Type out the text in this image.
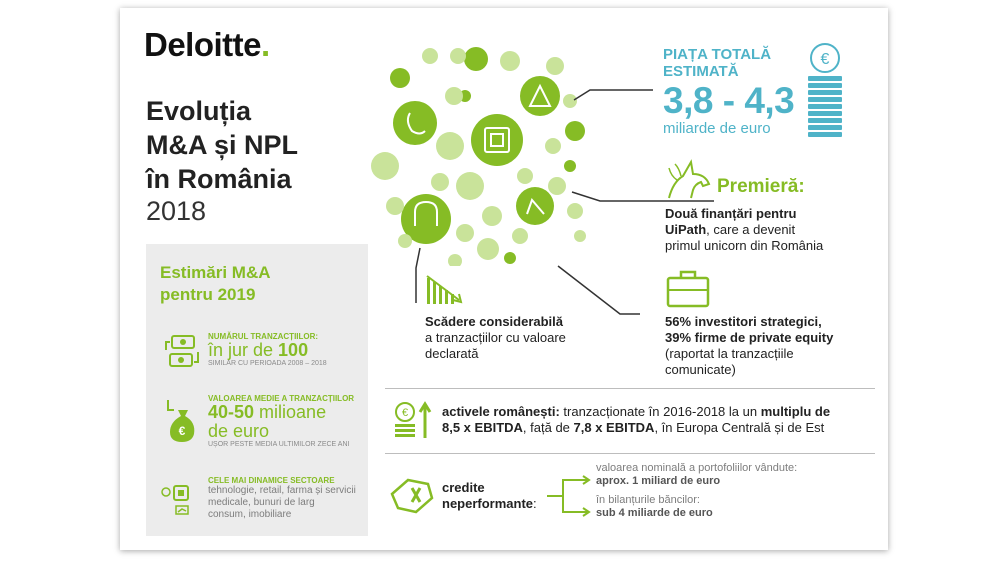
Deloitte.
Evoluția
M&A și NPL
în România
2018
Estimări M&A
pentru 2019
NUMĂRUL TRANZACȚIILOR:
în jur de 100
SIMILAR CU PERIOADA 2008 – 2018
€
VALOAREA MEDIE A TRANZACȚIILOR
40-50 milioane
de euro
UȘOR PESTE MEDIA ULTIMILOR ZECE ANI
CELE MAI DINAMICE SECTOARE
tehnologie, retail, farma și servicii
medicale, bunuri de larg
consum, imobiliare
PIAȚA TOTALĂ
ESTIMATĂ
3,8 - 4,3
miliarde de euro
€
Premieră:
Două finanțări pentru
UiPath, care a devenit
primul unicorn din România
56% investitori strategici,
39% firme de private equity
(raportat la tranzacțiile
comunicate)
Scădere considerabilă
a tranzacțiilor cu valoare
declarată
€	activele românești: tranzacționate în 2016-2018 la un multiplu de
8,5 x EBITDA, față de 7,8 x EBITDA, în Europa Centrală și de Est
credite
neperformante:
valoarea nominală a portofoliilor vândute:
aprox. 1 miliard de euro
în bilanțurile băncilor:
sub 4 miliarde de euro
